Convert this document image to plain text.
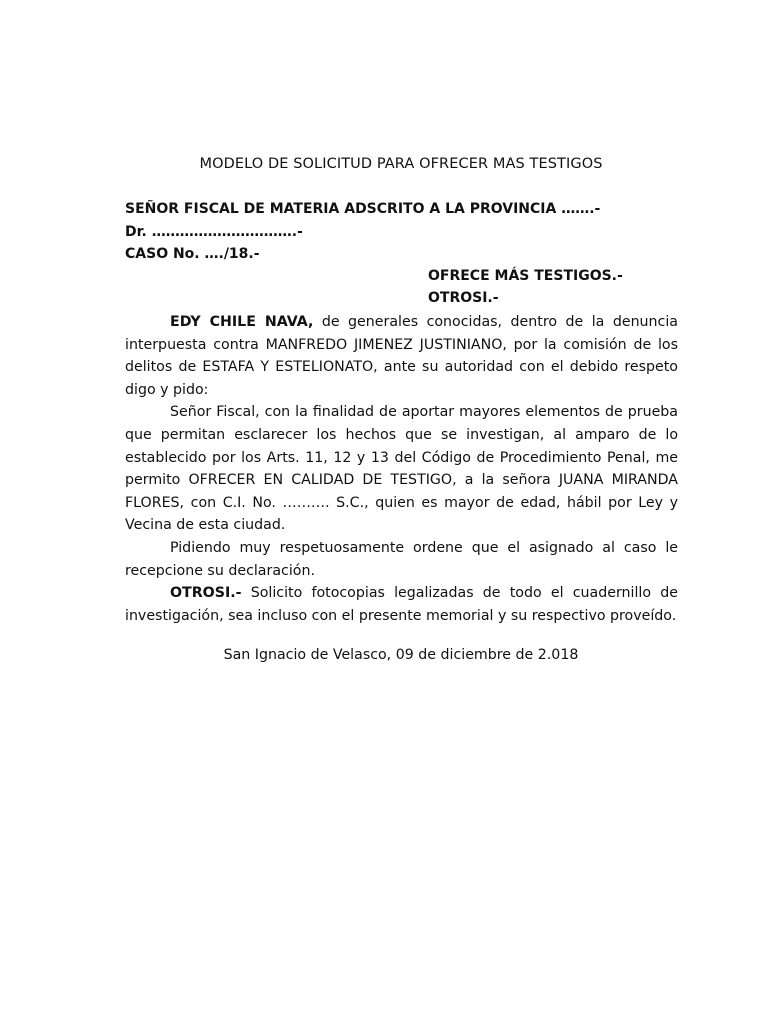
MODELO DE SOLICITUD PARA OFRECER MAS TESTIGOS
SEÑOR FISCAL DE MATERIA ADSCRITO A LA PROVINCIA …….-
Dr. ………………………….-
CASO No. …./18.-
OFRECE MÁS TESTIGOS.-
OTROSI.-

EDY CHILE NAVA, de generales conocidas, dentro de la denuncia interpuesta contra MANFREDO JIMENEZ JUSTINIANO, por la comisión de los delitos de ESTAFA Y ESTELIONATO, ante su autoridad con el debido respeto digo y pido:

Señor Fiscal, con la finalidad de aportar mayores elementos de prueba que permitan esclarecer los hechos que se investigan, al amparo de lo establecido por los Arts. 11, 12 y 13 del Código de Procedimiento Penal, me permito OFRECER EN CALIDAD DE TESTIGO, a la señora JUANA MIRANDA FLORES, con C.I. No. ………. S.C., quien es mayor de edad, hábil por Ley y Vecina de esta ciudad.

Pidiendo muy respetuosamente ordene que el asignado al caso le recepcione su declaración.

OTROSI.- Solicito fotocopias legalizadas de todo el cuadernillo de investigación, sea incluso con el presente memorial y su respectivo proveído.

San Ignacio de Velasco, 09 de diciembre de 2.018
